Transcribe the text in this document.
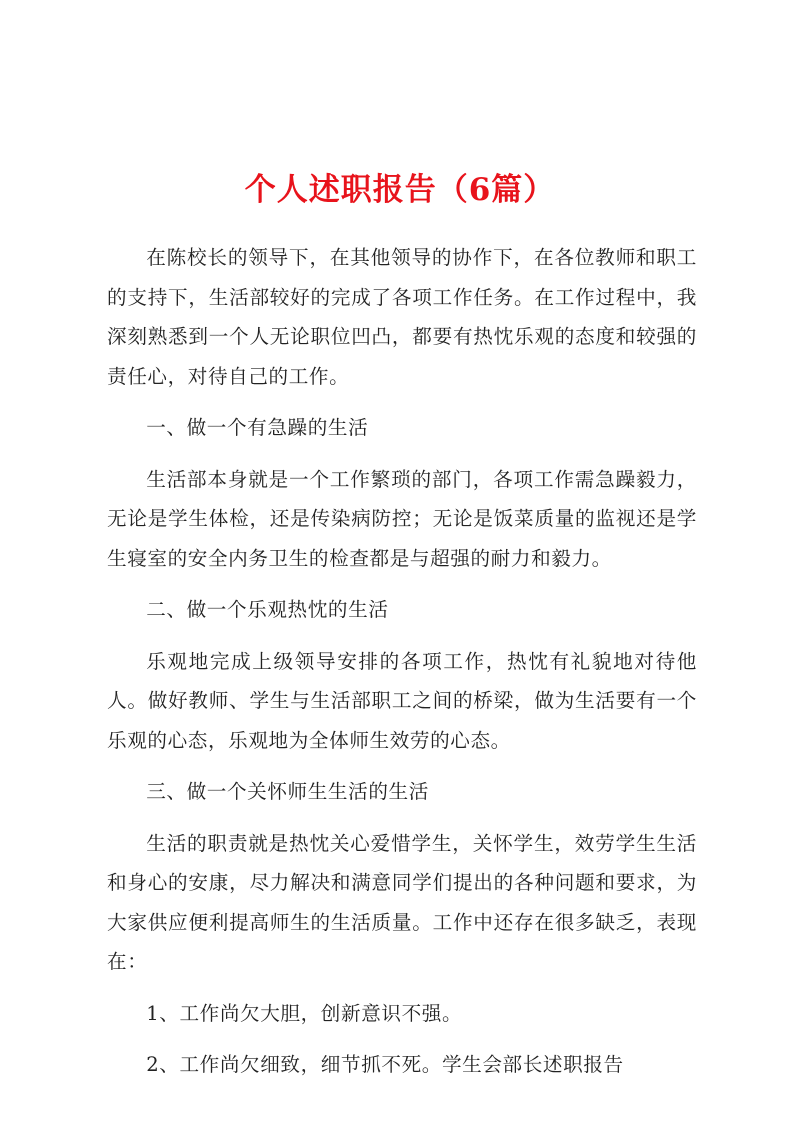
个人述职报告（6篇）

在陈校长的领导下，在其他领导的协作下，在各位教师和职工的支持下，生活部较好的完成了各项工作任务。在工作过程中，我深刻熟悉到一个人无论职位凹凸，都要有热忱乐观的态度和较强的责任心，对待自己的工作。

一、做一个有急躁的生活

生活部本身就是一个工作繁琐的部门，各项工作需急躁毅力，无论是学生体检，还是传染病防控；无论是饭菜质量的监视还是学生寝室的安全内务卫生的检查都是与超强的耐力和毅力。

二、做一个乐观热忱的生活

乐观地完成上级领导安排的各项工作，热忱有礼貌地对待他人。做好教师、学生与生活部职工之间的桥梁，做为生活要有一个乐观的心态，乐观地为全体师生效劳的心态。

三、做一个关怀师生生活的生活

生活的职责就是热忱关心爱惜学生，关怀学生，效劳学生生活和身心的安康，尽力解决和满意同学们提出的各种问题和要求，为大家供应便利提高师生的生活质量。工作中还存在很多缺乏，表现在：

1、工作尚欠大胆，创新意识不强。

2、工作尚欠细致，细节抓不死。学生会部长述职报告
